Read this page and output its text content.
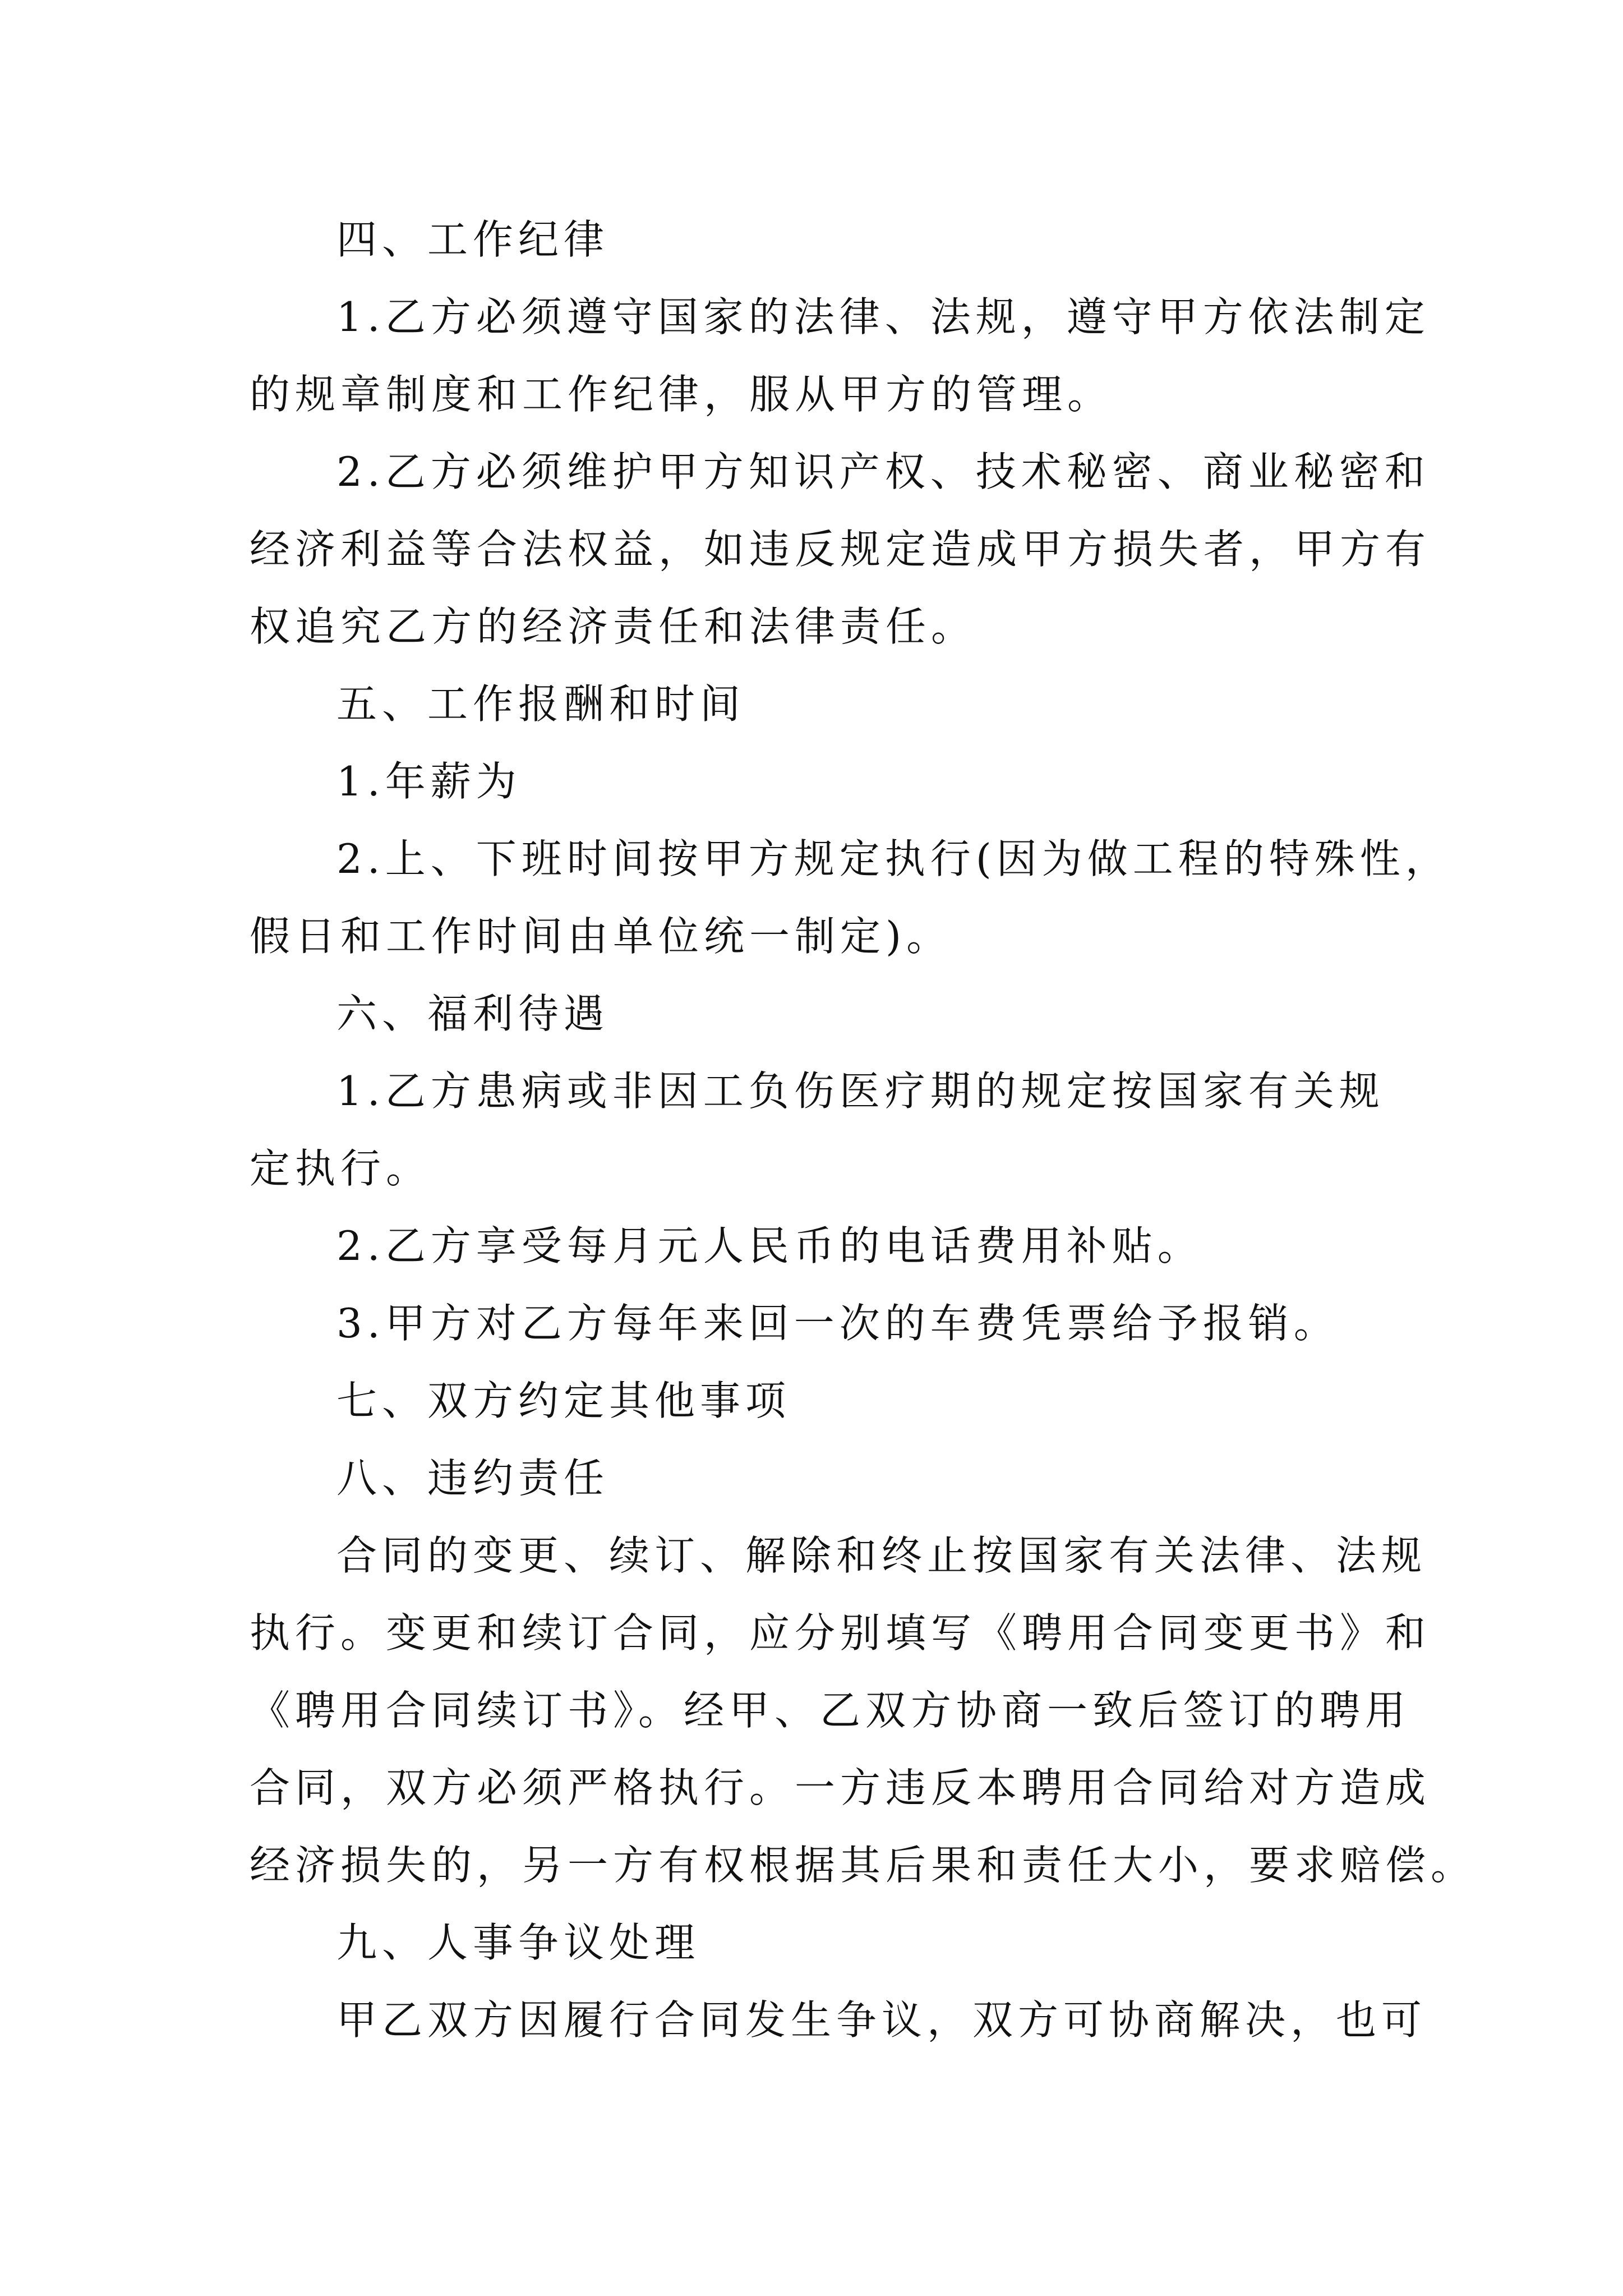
四、工作纪律
1.乙方必须遵守国家的法律、法规，遵守甲方依法制定
的规章制度和工作纪律，服从甲方的管理。
2.乙方必须维护甲方知识产权、技术秘密、商业秘密和
经济利益等合法权益，如违反规定造成甲方损失者，甲方有
权追究乙方的经济责任和法律责任。
五、工作报酬和时间
1.年薪为
2.上、下班时间按甲方规定执行(因为做工程的特殊性，
假日和工作时间由单位统一制定)。
六、福利待遇
1.乙方患病或非因工负伤医疗期的规定按国家有关规
定执行。
2.乙方享受每月元人民币的电话费用补贴。
3.甲方对乙方每年来回一次的车费凭票给予报销。
七、双方约定其他事项
八、违约责任
合同的变更、续订、解除和终止按国家有关法律、法规
执行。变更和续订合同，应分别填写《聘用合同变更书》和
《聘用合同续订书》。经甲、乙双方协商一致后签订的聘用
合同，双方必须严格执行。一方违反本聘用合同给对方造成
经济损失的，另一方有权根据其后果和责任大小，要求赔偿。
九、人事争议处理
甲乙双方因履行合同发生争议，双方可协商解决，也可
